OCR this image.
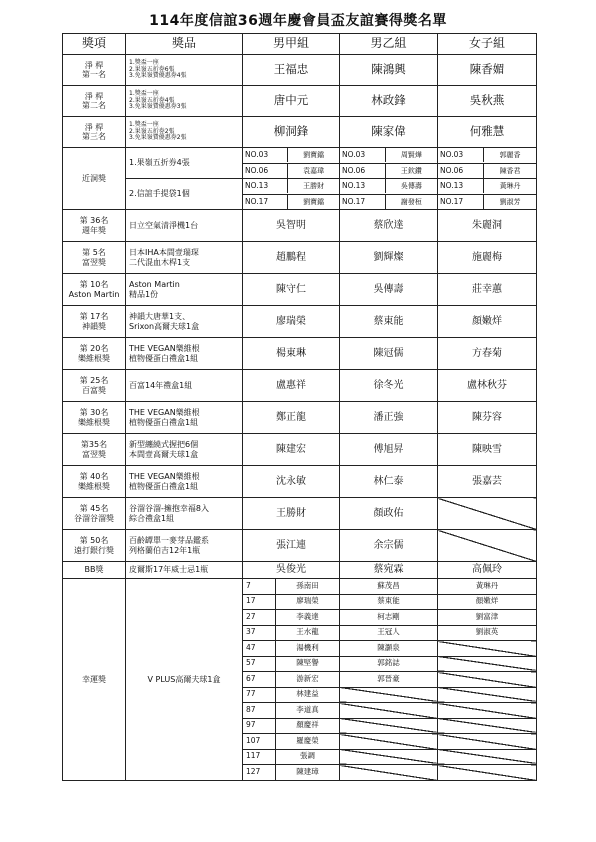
114年度信誼36週年慶會員盃友誼賽得獎名單
獎項	獎品	男甲組		男乙組	女子組

淨 桿
第一名	1.獎盃一座
2.果嶺五折券6張
3.免果嶺費優惠券4張	王福忠		陳鴻興	陳香媚

淨 桿
第二名	1.獎盃一座
2.果嶺五折券4張
3.免果嶺費優惠券3張	唐中元		林政鋒	吳秋燕

淨 桿
第三名	1.獎盃一座
2.果嶺五折券2張
3.免果嶺費優惠券2張	柳洞鋒		陳家偉	何雅慧
近洞獎	1.果嶺五折券4張	NO.03 劉寶鐺		NO.03 周賢燁	NO.03 郭麗香

		NO.06 袁嘉瑋		NO.06 王欽鑽	NO.06 陳香君

	2.信誼手提袋1個	NO.13 王勝財		NO.13 吳傳壽	NO.13 黃琳丹

		NO.17 劉寶鐺		NO.17 謝發桓	NO.17 劉淑芳

第 36名
週年獎	日立空氣清淨機1台	吳智明		蔡欣達	朱麗洞

第 5名
富翌獎	日本IHA本間壹瑞琛
二代混血木桿1支	趙鵬程		劉輝燦	施麗梅

第 10名
Aston Martin	Aston Martin
精品1份	陳守仁		吳傳壽	莊幸蕙

第 17名
神韻獎	神韻大唐華1支、
Srixon高爾夫球1盒	廖瑞榮		蔡東能	顏嫩烊

第 20名
樂維根獎	THE VEGAN樂維根
植物優蛋白禮盒1組	楊東琳		陳冠儒	方春菊

第 25名
百富獎	百富14年禮盒1組	盧惠祥		徐冬光	盧林秋芬

第 30名
樂維根獎	THE VEGAN樂維根
植物優蛋白禮盒1組	鄭正龍		潘正強	陳芬容

第35名
富翌獎	新型纏繞式握把6個
本間壹高爾夫球1盒	陳建宏		傅旭昇	陳映雪

第 40名
樂維根獎	THE VEGAN樂維根
植物優蛋白禮盒1組	沈永敏		林仁泰	張嘉芸

第 45名
谷溜谷溜獎	谷溜谷溜-擁抱幸福8入
綜合禮盒1組	王勝財		顏政佑	

第 50名
遠打銀行獎	百齡罈單一麥芽品鑑系
列格蘭伯吉12年1瓶	張江連		余宗儒	
BB獎	皮爾斯17年威士忌1瓶	吳俊光		蔡宛霖	高佩玲
幸運獎	V PLUS高爾夫球1盒	7	孫南田	蘇茂昌	黃琳丹
		17	廖瑞榮	蔡東能	顏嫩烊
		27	李義達	柯志剛	劉富津
		37	王水龍	王冠人	劉淑英
		47	湯機利	陳灝泉	
		57	陳堅譽	郭銘誌	
		67	游新宏	郭晉豪	
		77	林建益		
		87	李道真		
		97	顏慶祥		
		107	羅慶榮		
		117	張調		
		127	陳建璋		
